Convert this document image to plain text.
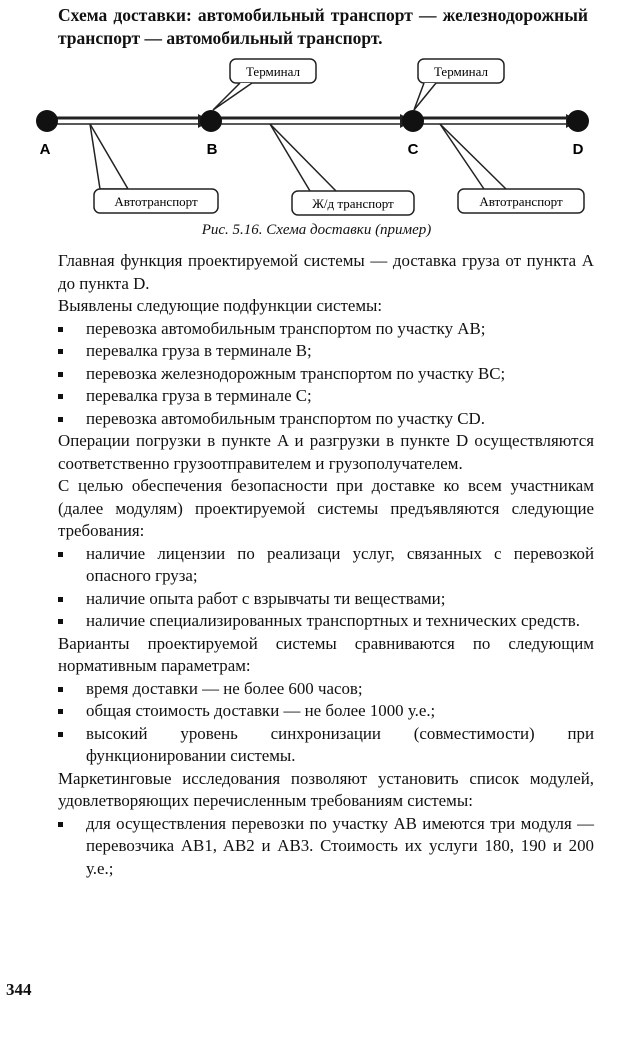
Схема доставки: автомобильный транспорт — железнодорожный транспорт — автомобильный транспорт.
A	B	C	D
Терминал	Терминал
Автотранспорт	Ж/д транспорт	Автотранспорт
Рис. 5.16. Схема доставки (пример)

Главная функция проектируемой системы — доставка груза от пункта A до пункта D.

Выявлены следующие подфункции системы:

перевозка автомобильным транспортом по участку AB;
перевалка груза в терминале B;
перевозка железнодорожным транспортом по участку BC;
перевалка груза в терминале C;
перевозка автомобильным транспортом по участку CD.

Операции погрузки в пункте A и разгрузки в пункте D осуществляются соответственно грузоотправителем и грузополучателем.

С целью обеспечения безопасности при доставке ко всем участникам (далее модулям) проектируемой системы предъявляются следующие требования:

наличие лицензии по реализаци услуг, связанных с перевозкой опасного груза;
наличие опыта работ с взрывчаты ти веществами;
наличие специализированных транспортных и технических средств.

Варианты проектируемой системы сравниваются по следующим нормативным параметрам:

время доставки — не более 600 часов;
общая стоимость доставки — не более 1000 у.е.;
высокий уровень синхронизации (совместимости) при функционировании системы.

Маркетинговые исследования позволяют установить список модулей, удовлетворяющих перечисленным требованиям системы:

для осуществления перевозки по участку AB имеются три модуля — перевозчика AB1, AB2 и AB3. Стоимость их услуги 180, 190 и 200 у.е.;
344
